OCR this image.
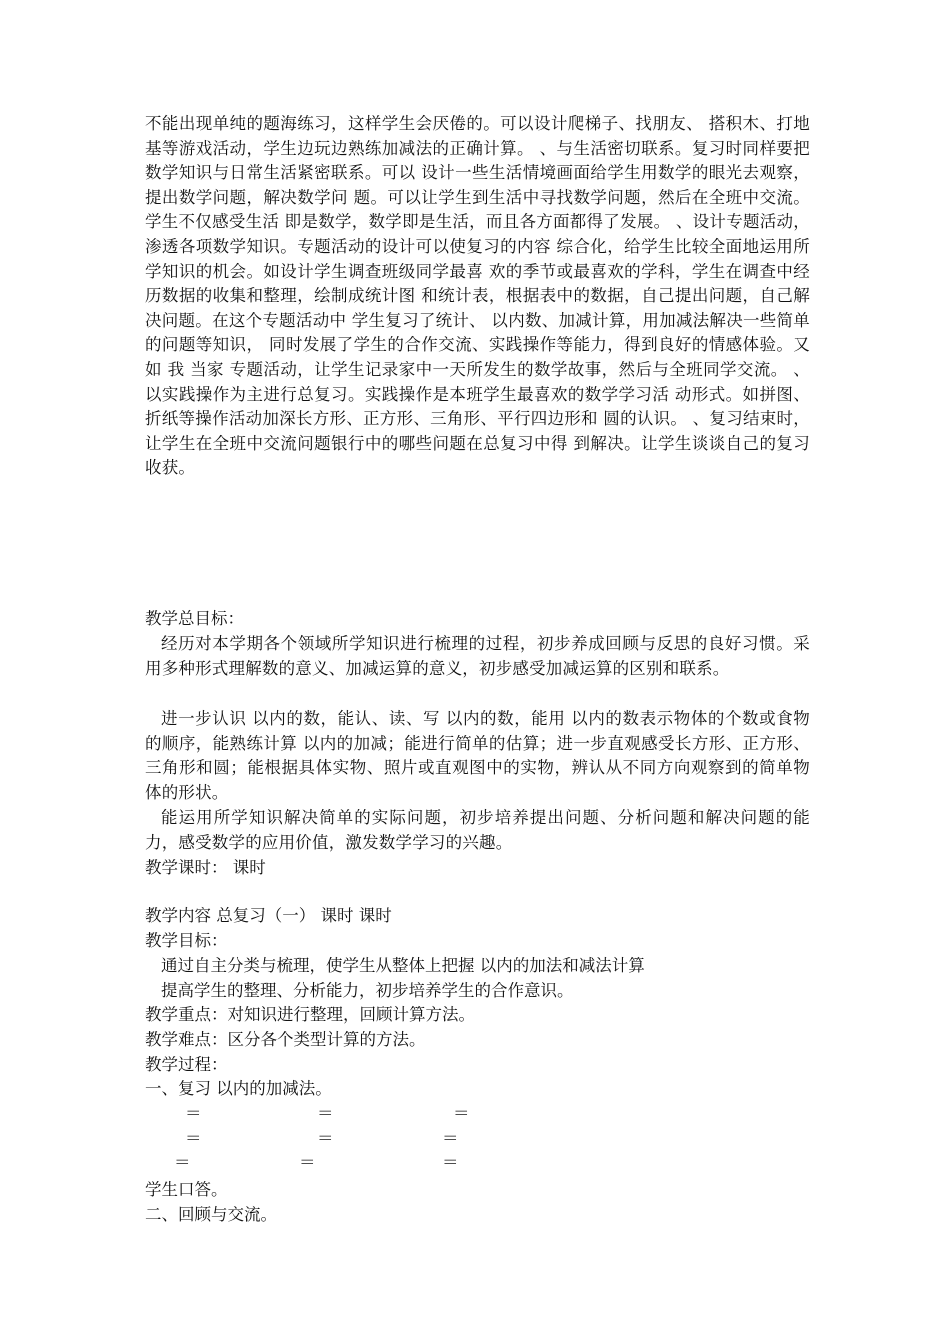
不能出现单纯的题海练习，这样学生会厌倦的。可以设计爬梯子、找朋友、 搭积木、打地基等游戏活动，学生边玩边熟练加减法的正确计算。 、与生活密切联系。复习时同样要把数学知识与日常生活紧密联系。可以 设计一些生活情境画面给学生用数学的眼光去观察，提出数学问题，解决数学问 题。可以让学生到生活中寻找数学问题，然后在全班中交流。学生不仅感受生活 即是数学，数学即是生活，而且各方面都得了发展。 、设计专题活动，渗透各项数学知识。专题活动的设计可以使复习的内容 综合化，给学生比较全面地运用所学知识的机会。如设计学生调查班级同学最喜 欢的季节或最喜欢的学科，学生在调查中经历数据的收集和整理，绘制成统计图 和统计表，根据表中的数据，自己提出问题，自己解决问题。在这个专题活动中 学生复习了统计、 以内数、加减计算，用加减法解决一些简单的问题等知识， 同时发展了学生的合作交流、实践操作等能力，得到良好的情感体验。又如 我 当家 专题活动，让学生记录家中一天所发生的数学故事，然后与全班同学交流。 、以实践操作为主进行总复习。实践操作是本班学生最喜欢的数学学习活 动形式。如拼图、折纸等操作活动加深长方形、正方形、三角形、平行四边形和 圆的认识。 、复习结束时，让学生在全班中交流问题银行中的哪些问题在总复习中得 到解决。让学生谈谈自己的复习收获。

教学总目标：

经历对本学期各个领域所学知识进行梳理的过程，初步养成回顾与反思的良好习惯。采用多种形式理解数的意义、加减运算的意义，初步感受加减运算的区别和联系。

进一步认识 以内的数，能认、读、写 以内的数，能用 以内的数表示物体的个数或食物的顺序，能熟练计算 以内的加减；能进行简单的估算；进一步直观感受长方形、正方形、三角形和圆；能根据具体实物、照片或直观图中的实物，辨认从不同方向观察到的简单物体的形状。

能运用所学知识解决简单的实际问题，初步培养提出问题、分析问题和解决问题的能力，感受数学的应用价值，激发数学学习的兴趣。

教学课时： 课时

教学内容 总复习（一） 课时 课时

教学目标：

通过自主分类与梳理，使学生从整体上把握 以内的加法和减法计算

提高学生的整理、分析能力，初步培养学生的合作意识。

教学重点：对知识进行整理，回顾计算方法。

教学难点：区分各个类型计算的方法。

教学过程：

一、复习 以内的加减法。

＝	＝	＝
＝	＝	＝
＝	＝	＝

学生口答。

二、回顾与交流。
